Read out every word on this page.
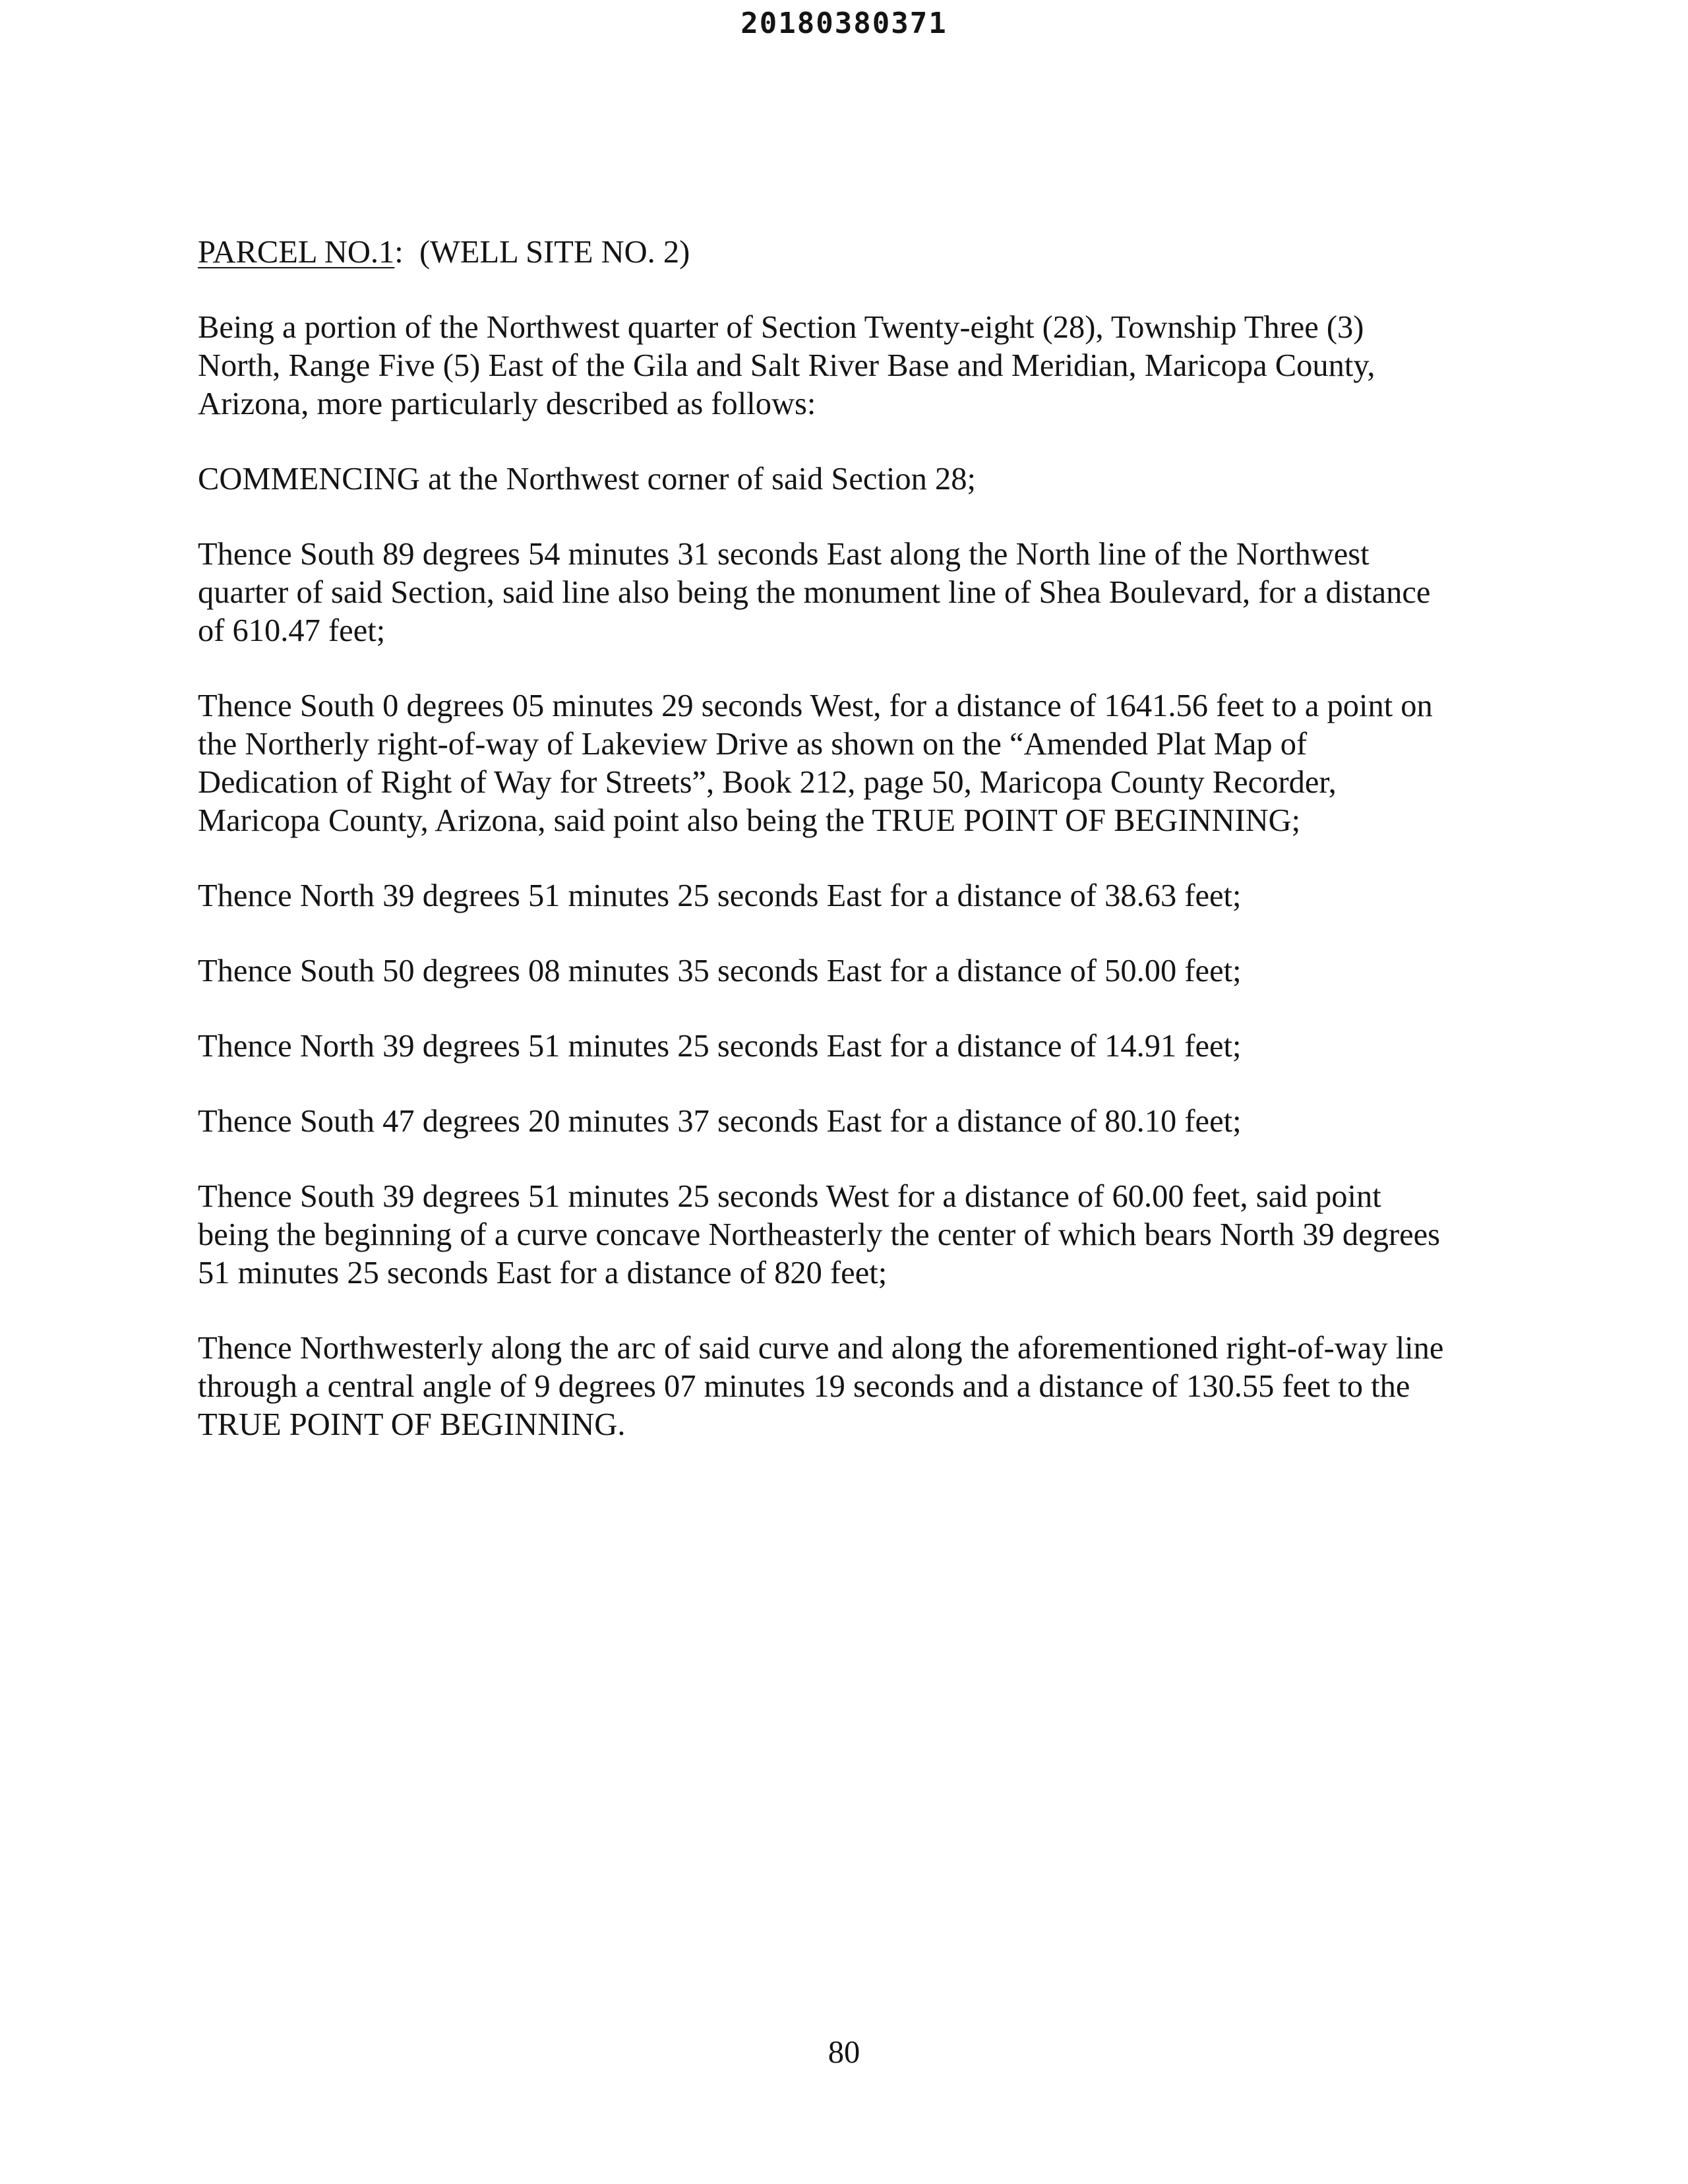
20180380371
PARCEL NO.1: (WELL SITE NO. 2)
Being a portion of the Northwest quarter of Section Twenty-eight (28), Township Three (3)
North, Range Five (5) East of the Gila and Salt River Base and Meridian, Maricopa County,
Arizona, more particularly described as follows:
COMMENCING at the Northwest corner of said Section 28;
Thence South 89 degrees 54 minutes 31 seconds East along the North line of the Northwest
quarter of said Section, said line also being the monument line of Shea Boulevard, for a distance
of 610.47 feet;
Thence South 0 degrees 05 minutes 29 seconds West, for a distance of 1641.56 feet to a point on
the Northerly right-of-way of Lakeview Drive as shown on the “Amended Plat Map of
Dedication of Right of Way for Streets”, Book 212, page 50, Maricopa County Recorder,
Maricopa County, Arizona, said point also being the TRUE POINT OF BEGINNING;
Thence North 39 degrees 51 minutes 25 seconds East for a distance of 38.63 feet;
Thence South 50 degrees 08 minutes 35 seconds East for a distance of 50.00 feet;
Thence North 39 degrees 51 minutes 25 seconds East for a distance of 14.91 feet;
Thence South 47 degrees 20 minutes 37 seconds East for a distance of 80.10 feet;
Thence South 39 degrees 51 minutes 25 seconds West for a distance of 60.00 feet, said point
being the beginning of a curve concave Northeasterly the center of which bears North 39 degrees
51 minutes 25 seconds East for a distance of 820 feet;
Thence Northwesterly along the arc of said curve and along the aforementioned right-of-way line
through a central angle of 9 degrees 07 minutes 19 seconds and a distance of 130.55 feet to the
TRUE POINT OF BEGINNING.
80
